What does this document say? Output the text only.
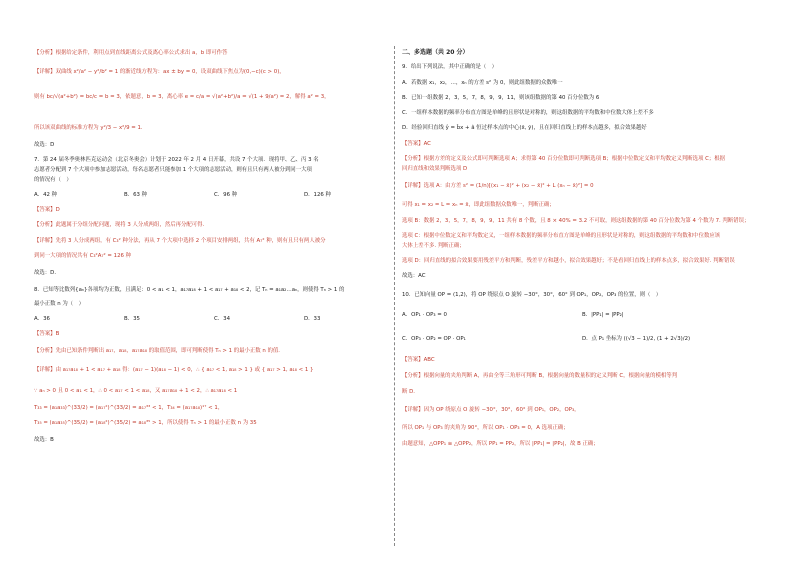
【分析】根据给定条件，利用点到直线距离公式及离心率公式求出 a，b 即可作答
【详解】双曲线 x²/a² − y²/b² = 1 的渐近线方程为：ax ± by = 0，设双曲线下焦点为(0,−c)(c > 0)，
则有 bc/√(a²+b²) = bc/c = b = 3，依题意，b = 3，离心率 e = c/a = √(a²+b²)/a = √(1 + 9/a²) = 2，解得 a² = 3，
所以该双曲线的标准方程为 y²/3 − x²/9 = 1.
故选：D
7．第 24 届冬季奥林匹克运动会（北京冬奥会）计划于 2022 年 2 月 4 日开幕，共设 7 个大项．现将甲、乙、丙 3 名
志愿者分配到 7 个大项中参加志愿活动，每名志愿者只能参加 1 个大项的志愿活动，则有且只有两人被分到同一大项
的情况有（　）
A．42 种	B．63 种	C．96 种	D．126 种
【答案】D
【分析】此题属于分组分配问题，现将 3 人分成两组，然后再分配可得.
【详解】先将 3 人分成两组，有 C₃² 种分法，再从 7 个大项中选择 2 个项目安排两组，共有 A₇² 种，则有且只有两人被分
到同一大项的情况共有 C₃²A₇² = 126 种
故选：D．
8．已知等比数列{aₙ}各项均为正数，且满足：0 < a₁ < 1，a₁₇a₁₈ + 1 < a₁₇ + a₁₈ < 2，记 Tₙ = a₁a₂…aₙ，则使得 Tₙ > 1 的
最小正数 n 为（　）
A．36	B．35	C．34	D．33
【答案】B
【分析】先由已知条件判断出 a₁₇，a₁₈，a₁₇a₁₈ 的取值范围，即可判断使得 Tₙ > 1 的最小正数 n 的值.
【详解】由 a₁₇a₁₈ + 1 < a₁₇ + a₁₈ 得：(a₁₇ − 1)(a₁₈ − 1) < 0，∴ { a₁₇ < 1, a₁₈ > 1 } 或 { a₁₇ > 1, a₁₈ < 1 }
∵ aₙ > 0 且 0 < a₁ < 1，∴ 0 < a₁₇ < 1 < a₁₈，又 a₁₇a₁₈ + 1 < 2，∴ a₁₇a₁₈ < 1
T₃₃ = (a₁a₃₃)^(33/2) = (a₁₇²)^(33/2) = a₁₇³³ < 1，T₃₄ = (a₁₇a₁₈)¹⁷ < 1，
T₃₅ = (a₁a₃₅)^(35/2) = (a₁₈²)^(35/2) = a₁₈³⁵ > 1，所以使得 Tₙ > 1 的最小正数 n 为 35
故选：B
二、多选题（共 20 分）
9．给出下列说法，其中正确的是（　）
A．若数据 x₁，x₂，…，xₙ 的方差 s² 为 0，则此组数据的众数唯一
B．已知一组数据 2，3，5，7，8，9，9，11，则该组数据的第 40 百分位数为 6
C．一组样本数据的频率分布直方图是单峰的且形状是对称的，则这组数据的平均数和中位数大体上差不多
D．经验回归直线 ŷ = b̂x + â 恒过样本点的中心(x̄, ȳ)，且在回归直线上的样本点越多，拟合效果越好
【答案】AC
【分析】根据方差的定义及公式即可判断选项 A；求得第 40 百分位数即可判断选项 B；根据中位数定义和平均数定义判断选项 C；根据
回归直线和效果判断选项 D
【详解】选项 A：由方差 s² = (1/n)[(x₁ − x̄)² + (x₂ − x̄)² + L (xₙ − x̄)²] = 0
可得 x₁ = x₂ = L = xₙ = x̄，即此组数据众数唯一，判断正确；
选项 B：数据 2，3，5，7，8，9，9，11 共有 8 个数，且 8 × 40% = 3.2 不可取，则这组数据的第 40 百分位数为第 4 个数为 7. 判断错误；
选项 C：根据中位数定义和平均数定义，一组样本数据的频率分布直方图是单峰的且形状是对称的，则这组数据的平均数和中位数应该
大体上差不多. 判断正确；
选项 D：回归直线的拟合效果要用残差平方和判断，残差平方和越小，拟合效果越好；不是看回归直线上的样本点多，拟合效果好. 判断错误
故选：AC
10．已知向量 OP = (1,2)，将 OP 绕原点 O 旋转 −30°，30°，60° 到 OP₁，OP₂，OP₃ 的位置，则（　）
A．OP₁ · OP₃ = 0	B．|PP₁| = |PP₂|
C．OP₃ · OP₂ = OP · OP₁	D．点 P₁ 坐标为 ((√3 − 1)/2, (1 + 2√3)/2)
【答案】ABC
【分析】根据向量的夹角判断 A，再由全等三角形可判断 B，根据向量的数量积的定义判断 C，根据向量的模相等判
断 D.
【详解】因为 OP 绕原点 O 旋转 −30°，30°，60° 到 OP₁，OP₂，OP₃，
所以 OP₁ 与 OP₃ 的夹角为 90°，所以 OP₁ · OP₃ = 0，A 选项正确；
由题意知，△OPP₁ ≅ △OPP₂，所以 PP₁ = PP₂，所以 |PP₁| = |PP₂|，故 B 正确；
